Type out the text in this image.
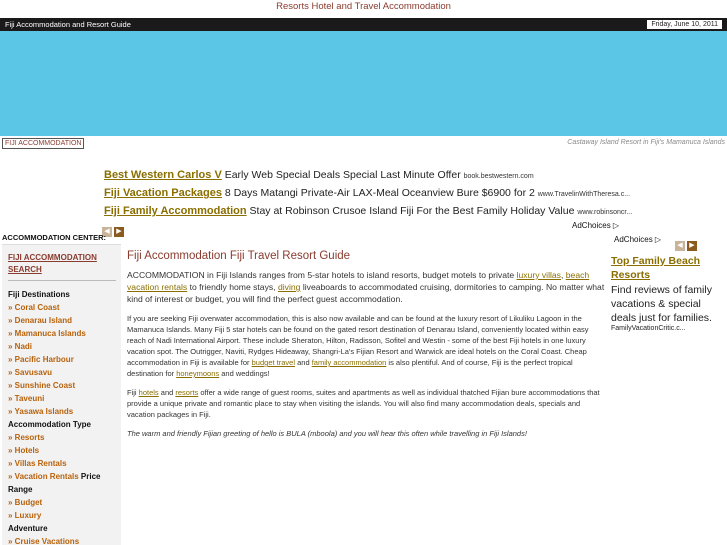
Resorts Hotel and Travel Accommodation
Fiji Accommodation and Resort Guide	Friday, June 10, 2011
FIJI ACCOMMODATION	Castaway Island Resort in Fiji's Mamanuca Islands
Best Western Carlos V Early Web Special Deals Special Last Minute Offer book.bestwestern.com
Fiji Vacation Packages 8 Days Matangi Private-Air LAX-Meal Oceanview Bure $6900 for 2 www.TravelinWithTheresa.c...
Fiji Family Accommodation Stay at Robinson Crusoe Island Fiji For the Best Family Holiday Value www.robinsoncr...
◀ ▶
AdChoices ▷
ACCOMMODATION CENTER:
FIJI ACCOMMODATION SEARCH
Fiji Destinations
» Coral Coast
» Denarau Island
» Mamanuca Islands
» Nadi
» Pacific Harbour
» Savusavu
» Sunshine Coast
» Taveuni
» Yasawa Islands
Accommodation Type
» Resorts
» Hotels
» Villas Rentals
» Vacation Rentals Price
Range
» Budget
» Luxury
Adventure
» Cruise Vacations
Fiji Accommodation Fiji Travel Resort Guide
ACCOMMODATION in Fiji Islands ranges from 5-star hotels to island resorts, budget motels to private luxury villas, beach vacation rentals to friendly home stays, diving liveaboards to accommodated cruising, dormitories to camping. No matter what kind of interest or budget, you will find the perfect guest accommodation.

If you are seeking Fiji overwater accommodation, this is also now available and can be found at the luxury resort of Likuliku Lagoon in the Mamanuca Islands. Many Fiji 5 star hotels can be found on the gated resort destination of Denarau Island, conveniently located within easy reach of Nadi International Airport. These include Sheraton, Hilton, Radisson, Sofitel and Westin - some of the best Fiji hotels in one luxury vacation spot. The Outrigger, Naviti, Rydges Hideaway, Shangri-La's Fijian Resort and Warwick are ideal hotels on the Coral Coast. Cheap accommodation in Fiji is available for budget travel and family accommodation is also plentiful. And of course, Fiji is the perfect tropical destination for honeymoons and weddings!

Fiji hotels and resorts offer a wide range of guest rooms, suites and apartments as well as individual thatched Fijian bure accommodations that provide a unique private and romantic place to stay when visiting the islands. You will also find many accommodation deals, specials and vacation packages in Fiji.

The warm and friendly Fijian greeting of hello is BULA (mboola) and you will hear this often while travelling in Fiji Islands!

AdChoices ▷
◀ ▶
Top Family Beach Resorts
Find reviews of family vacations & special deals just for families.
FamilyVacationCritic.c...
